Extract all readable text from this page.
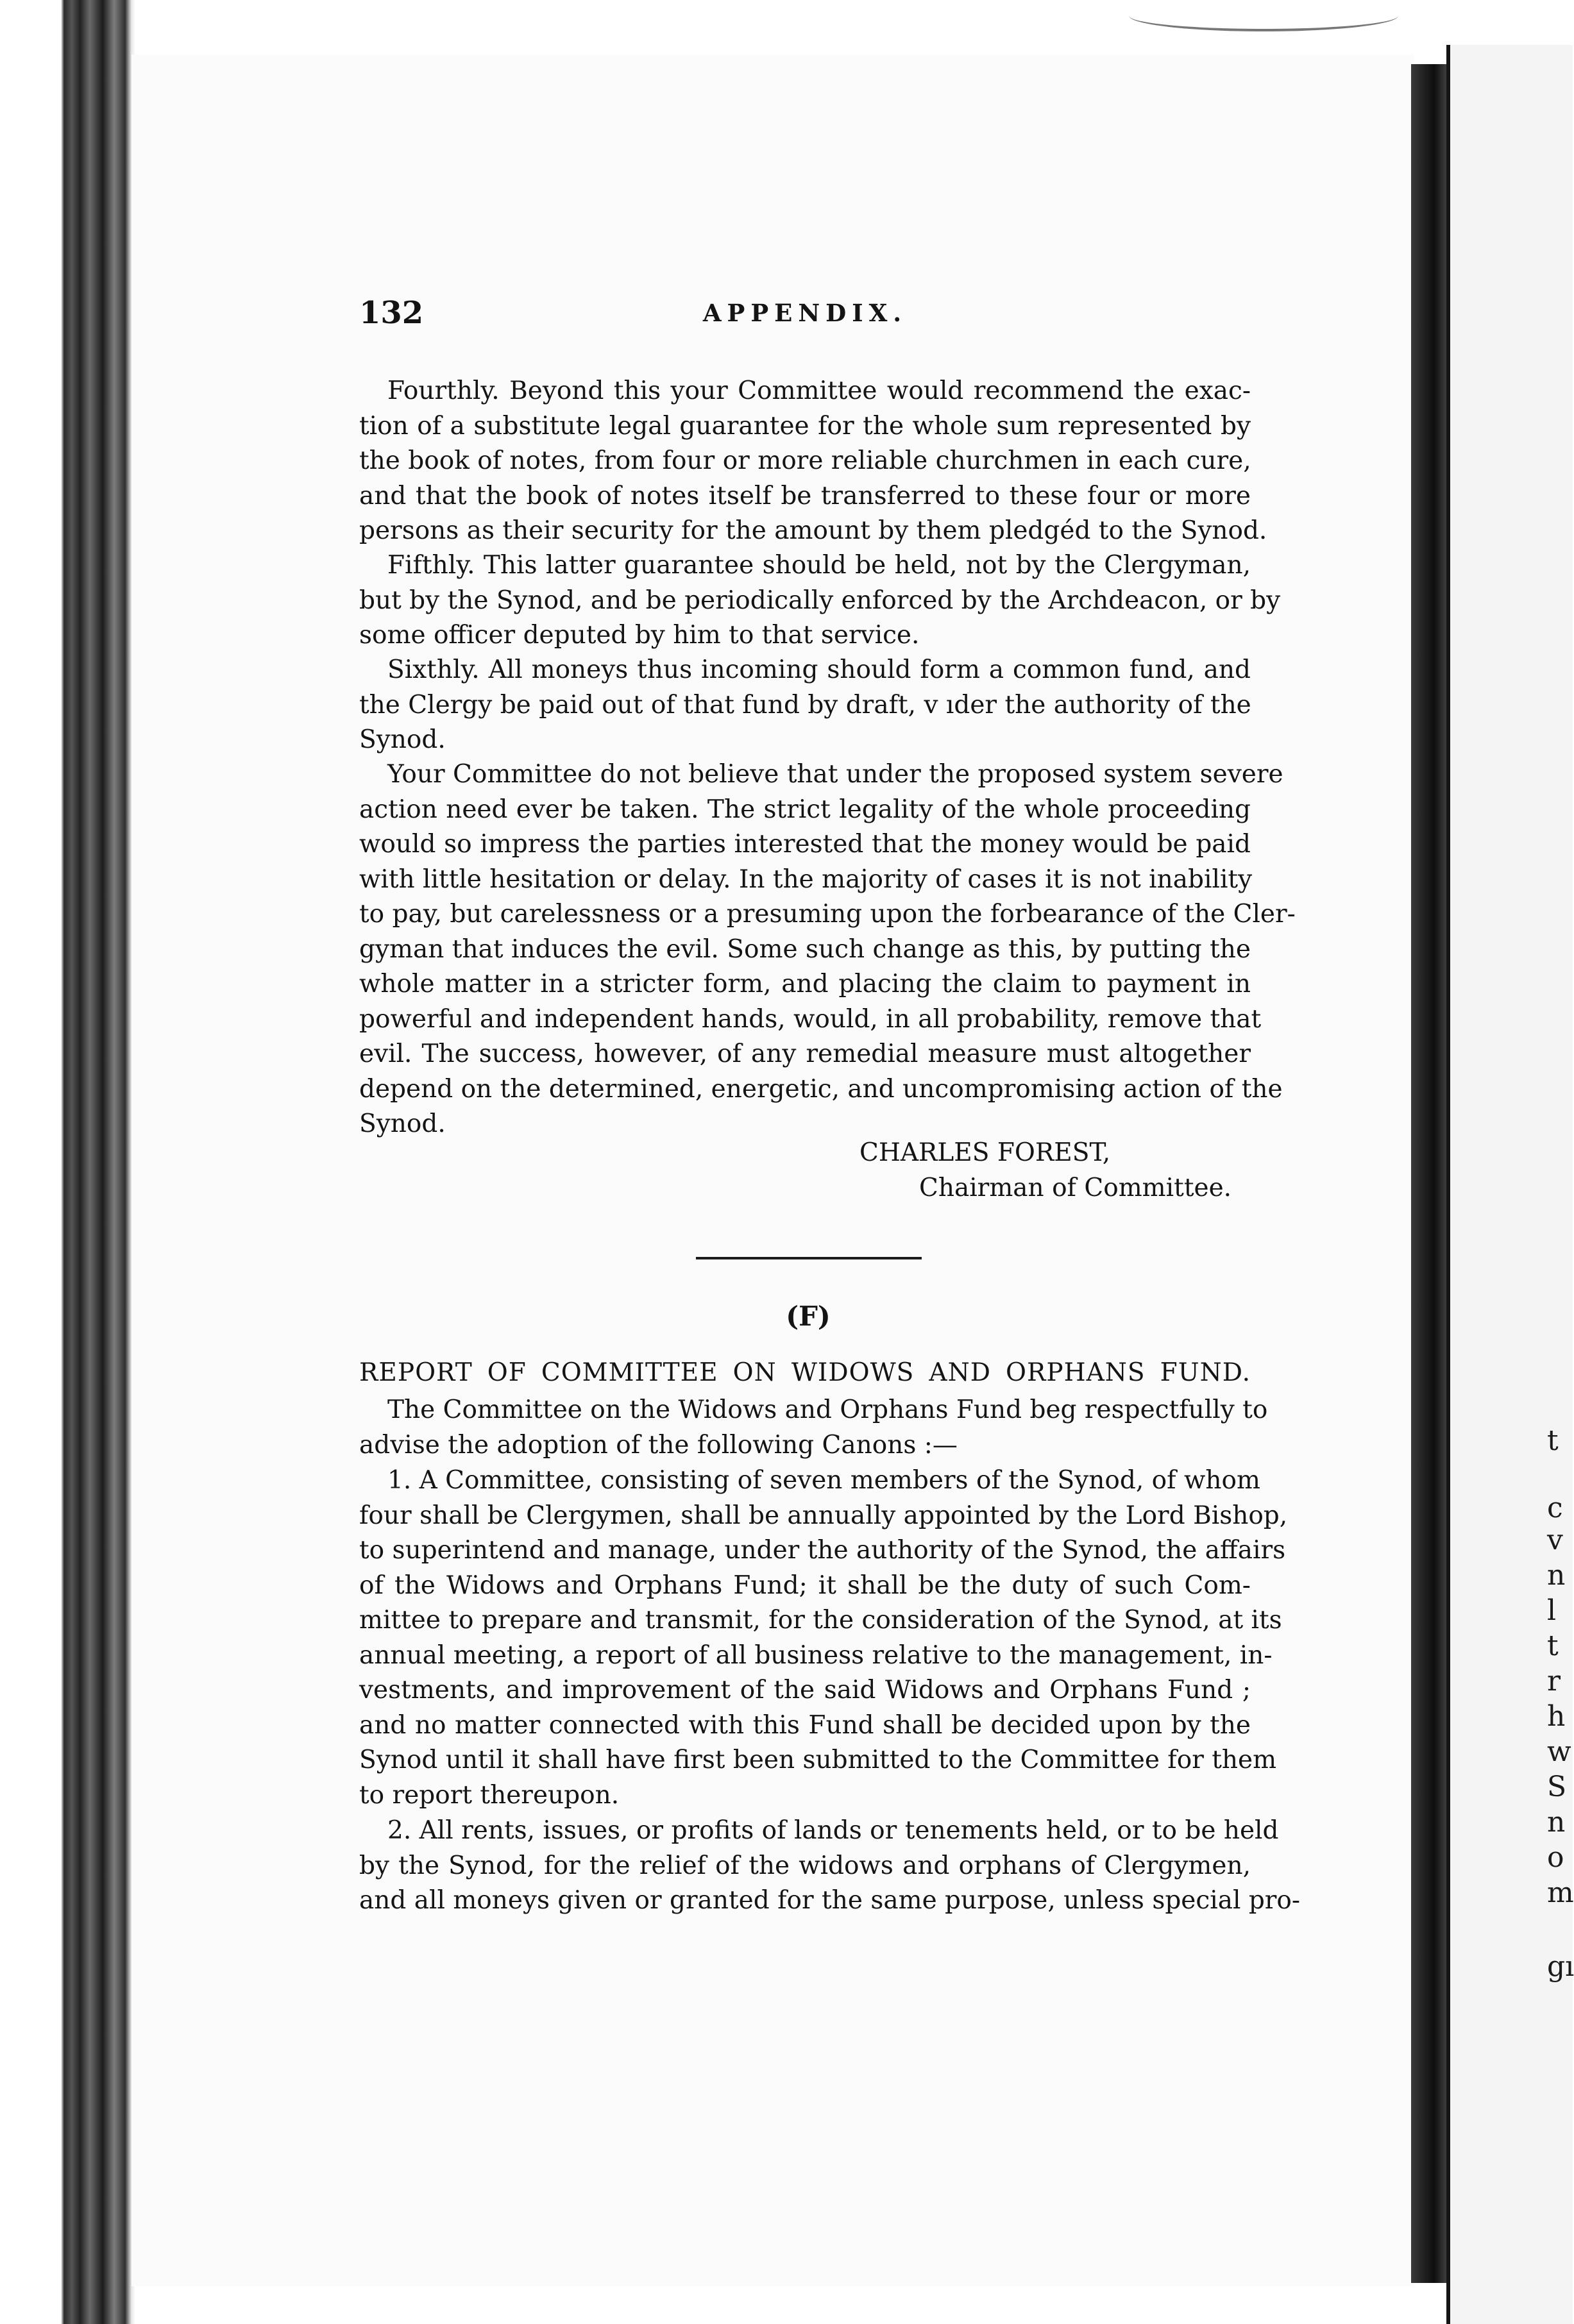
132	APPENDIX.
Fourthly. Beyond this your Committee would recommend the exac-
tion of a substitute legal guarantee for the whole sum represented by
the book of notes, from four or more reliable churchmen in each cure,
and that the book of notes itself be transferred to these four or more
persons as their security for the amount by them pledgéd to the Synod.
Fifthly. This latter guarantee should be held, not by the Clergyman,
but by the Synod, and be periodically enforced by the Archdeacon, or by
some officer deputed by him to that service.
Sixthly. All moneys thus incoming should form a common fund, and
the Clergy be paid out of that fund by draft, v ıder the authority of the
Synod.
Your Committee do not believe that under the proposed system severe
action need ever be taken. The strict legality of the whole proceeding
would so impress the parties interested that the money would be paid
with little hesitation or delay. In the majority of cases it is not inability
to pay, but carelessness or a presuming upon the forbearance of the Cler-
gyman that induces the evil. Some such change as this, by putting the
whole matter in a stricter form, and placing the claim to payment in
powerful and independent hands, would, in all probability, remove that
evil. The success, however, of any remedial measure must altogether
depend on the determined, energetic, and uncompromising action of the
Synod.
CHARLES FOREST,
Chairman of Committee.
(F)
REPORT OF COMMITTEE ON WIDOWS AND ORPHANS FUND.
The Committee on the Widows and Orphans Fund beg respectfully to
advise the adoption of the following Canons :—
1. A Committee, consisting of seven members of the Synod, of whom
four shall be Clergymen, shall be annually appointed by the Lord Bishop,
to superintend and manage, under the authority of the Synod, the affairs
of the Widows and Orphans Fund; it shall be the duty of such Com-
mittee to prepare and transmit, for the consideration of the Synod, at its
annual meeting, a report of all business relative to the management, in-
vestments, and improvement of the said Widows and Orphans Fund ;
and no matter connected with this Fund shall be decided upon by the
Synod until it shall have first been submitted to the Committee for them
to report thereupon.
2. All rents, issues, or profits of lands or tenements held, or to be held
by the Synod, for the relief of the widows and orphans of Clergymen,
and all moneys given or granted for the same purpose, unless special pro-
t
c
v
n
l
t
r
h
w
S
n
o
m
gı
